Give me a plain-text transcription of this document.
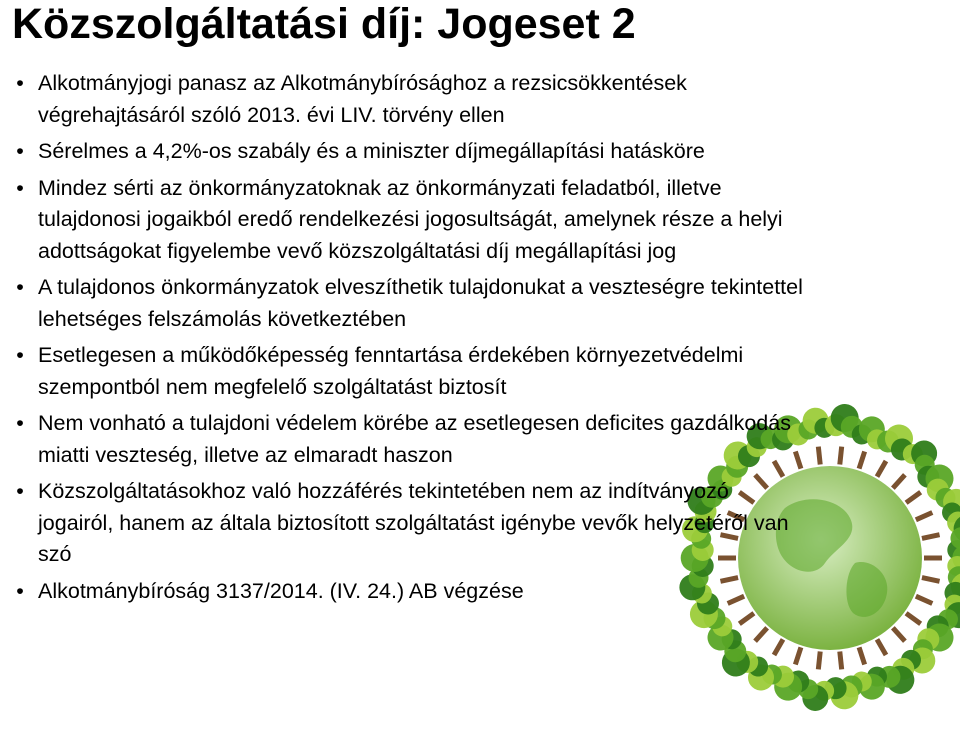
Közszolgáltatási díj: Jogeset 2
• Alkotmányjogi panasz az Alkotmánybírósághoz a rezsicsökkentések végrehajtásáról szóló 2013. évi LIV. törvény ellen
• Sérelmes a 4,2%-os szabály és a miniszter díjmegállapítási hatásköre
• Mindez sérti az önkormányzatoknak az önkormányzati feladatból, illetve tulajdonosi jogaikból eredő rendelkezési jogosultságát, amelynek része a helyi adottságokat figyelembe vevő közszolgáltatási díj megállapítási jog
• A tulajdonos önkormányzatok elveszíthetik tulajdonukat a veszteségre tekintettel lehetséges felszámolás következtében
• Esetlegesen a működőképesség fenntartása érdekében környezetvédelmi szempontból nem megfelelő szolgáltatást biztosít
• Nem vonható a tulajdoni védelem körébe az esetlegesen deficites gazdálkodás miatti veszteség, illetve az elmaradt haszon
• Közszolgáltatásokhoz való hozzáférés tekintetében nem az indítványozó jogairól, hanem az általa biztosított szolgáltatást igénybe vevők helyzetéről van szó
• Alkotmánybíróság 3137/2014. (IV. 24.) AB végzése
